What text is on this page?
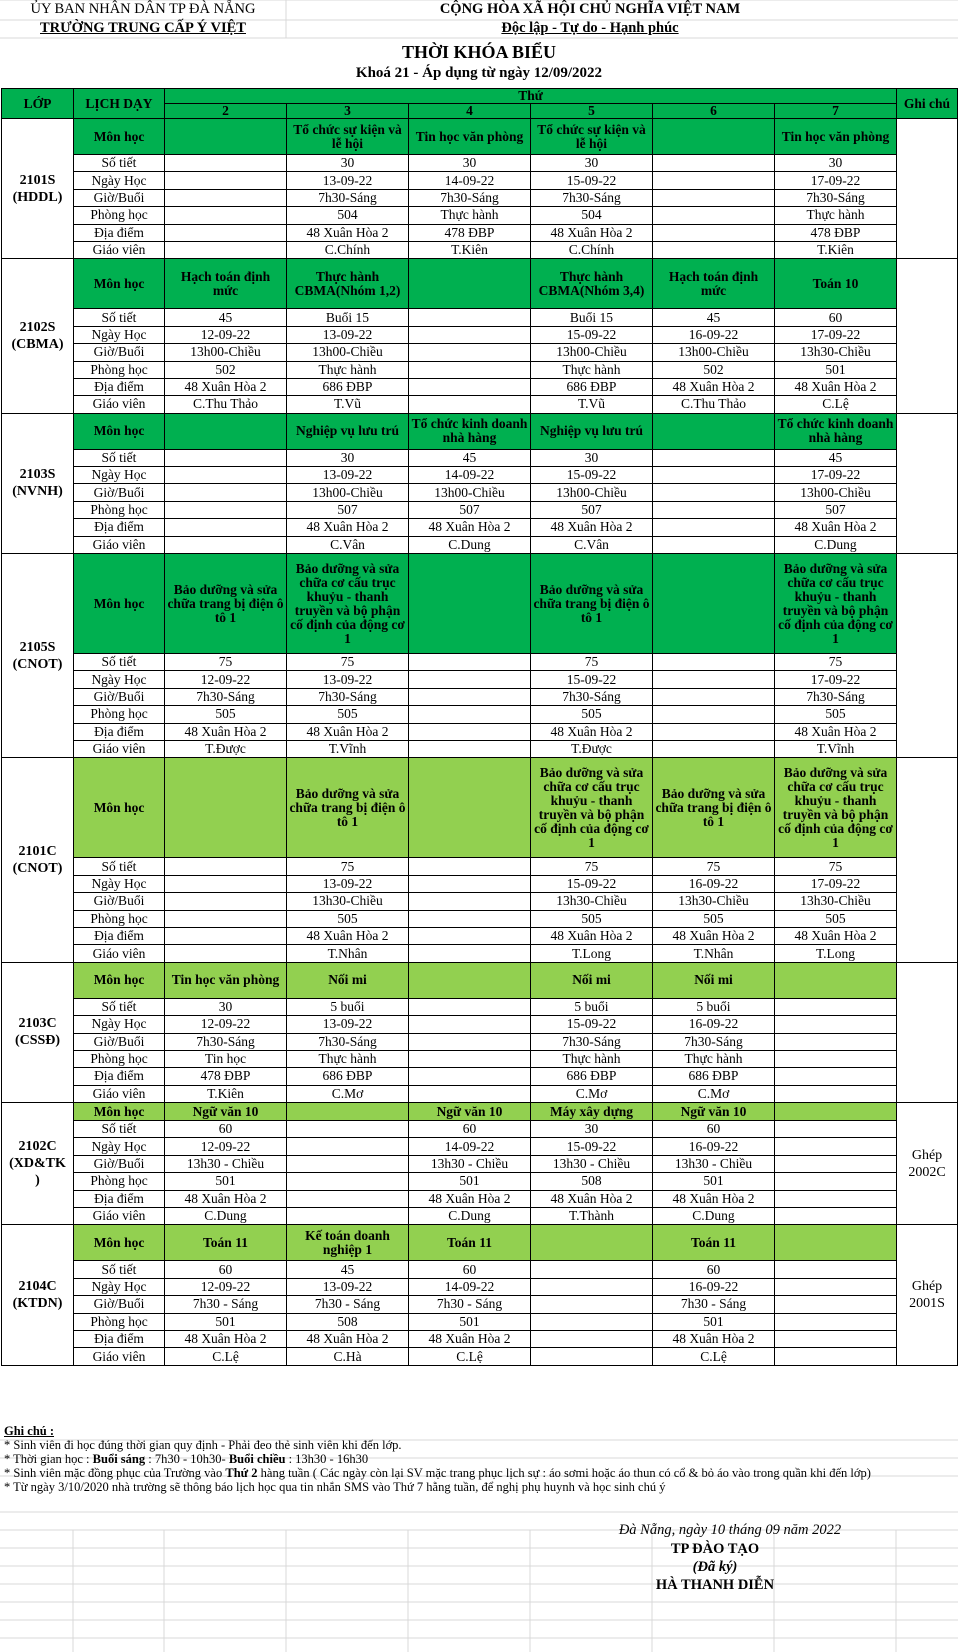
ỦY BAN NHÂN DÂN TP ĐÀ NẴNG
TRƯỜNG TRUNG CẤP Ý VIỆT
CỘNG HÒA XÃ HỘI CHỦ NGHĨA VIỆT NAM
Độc lập - Tự do - Hạnh phúc
THỜI KHÓA BIỂU
Khoá 21 - Áp dụng từ ngày 12/09/2022
LỚP	LỊCH DẠY	Thứ						Ghi chú
		2	3	4	5	6	7	
2101S
(HDDL)	Môn học		Tổ chức sự kiện và lễ hội	Tin học văn phòng	Tổ chức sự kiện và lễ hội		Tin học văn phòng	
	Số tiết		30	30	30		30	
	Ngày Học		13-09-22	14-09-22	15-09-22		17-09-22	
	Giờ/Buổi		7h30-Sáng	7h30-Sáng	7h30-Sáng		7h30-Sáng	
	Phòng học		504	Thực hành	504		Thực hành	
	Địa điểm		48 Xuân Hòa 2	478 ĐBP	48 Xuân Hòa 2		478 ĐBP	
	Giáo viên		C.Chính	T.Kiên	C.Chính		T.Kiên	
2102S
(CBMA)	Môn học	Hạch toán định mức	Thực hành CBMA(Nhóm 1,2)		Thực hành CBMA(Nhóm 3,4)	Hạch toán định mức	Toán 10	
	Số tiết	45	Buổi 15		Buổi 15	45	60	
	Ngày Học	12-09-22	13-09-22		15-09-22	16-09-22	17-09-22	
	Giờ/Buổi	13h00-Chiều	13h00-Chiều		13h00-Chiều	13h00-Chiều	13h30-Chiều	
	Phòng học	502	Thực hành		Thực hành	502	501	
	Địa điểm	48 Xuân Hòa 2	686 ĐBP		686 ĐBP	48 Xuân Hòa 2	48 Xuân Hòa 2	
	Giáo viên	C.Thu Thảo	T.Vũ		T.Vũ	C.Thu Thảo	C.Lệ	
2103S
(NVNH)	Môn học		Nghiệp vụ lưu trú	Tổ chức kinh doanh nhà hàng	Nghiệp vụ lưu trú		Tổ chức kinh doanh nhà hàng	
	Số tiết		30	45	30		45	
	Ngày Học		13-09-22	14-09-22	15-09-22		17-09-22	
	Giờ/Buổi		13h00-Chiều	13h00-Chiều	13h00-Chiều		13h00-Chiều	
	Phòng học		507	507	507		507	
	Địa điểm		48 Xuân Hòa 2	48 Xuân Hòa 2	48 Xuân Hòa 2		48 Xuân Hòa 2	
	Giáo viên		C.Vân	C.Dung	C.Vân		C.Dung	
2105S
(CNOT)	Môn học	Bảo dưỡng và sửa chữa trang bị điện ô tô 1	Bảo dưỡng và sửa chữa cơ cấu trục khuỷu - thanh truyền và bộ phận cố định của động cơ 1		Bảo dưỡng và sửa chữa trang bị điện ô tô 1		Bảo dưỡng và sửa chữa cơ cấu trục khuỷu - thanh truyền và bộ phận cố định của động cơ 1	
	Số tiết	75	75		75		75	
	Ngày Học	12-09-22	13-09-22		15-09-22		17-09-22	
	Giờ/Buổi	7h30-Sáng	7h30-Sáng		7h30-Sáng		7h30-Sáng	
	Phòng học	505	505		505		505	
	Địa điểm	48 Xuân Hòa 2	48 Xuân Hòa 2		48 Xuân Hòa 2		48 Xuân Hòa 2	
	Giáo viên	T.Được	T.Vĩnh		T.Được		T.Vĩnh	
2101C
(CNOT)	Môn học		Bảo dưỡng và sửa chữa trang bị điện ô tô 1		Bảo dưỡng và sửa chữa cơ cấu trục khuỷu - thanh truyền và bộ phận cố định của động cơ 1	Bảo dưỡng và sửa chữa trang bị điện ô tô 1	Bảo dưỡng và sửa chữa cơ cấu trục khuỷu - thanh truyền và bộ phận cố định của động cơ 1	
	Số tiết		75		75	75	75	
	Ngày Học		13-09-22		15-09-22	16-09-22	17-09-22	
	Giờ/Buổi		13h30-Chiều		13h30-Chiều	13h30-Chiều	13h30-Chiều	
	Phòng học		505		505	505	505	
	Địa điểm		48 Xuân Hòa 2		48 Xuân Hòa 2	48 Xuân Hòa 2	48 Xuân Hòa 2	
	Giáo viên		T.Nhân		T.Long	T.Nhân	T.Long	
2103C
(CSSĐ)	Môn học	Tin học văn phòng	Nối mi		Nối mi	Nối mi		
	Số tiết	30	5 buổi		5 buổi	5 buổi		
	Ngày Học	12-09-22	13-09-22		15-09-22	16-09-22		
	Giờ/Buổi	7h30-Sáng	7h30-Sáng		7h30-Sáng	7h30-Sáng		
	Phòng học	Tin học	Thực hành		Thực hành	Thực hành		
	Địa điểm	478 ĐBP	686 ĐBP		686 ĐBP	686 ĐBP		
	Giáo viên	T.Kiên	C.Mơ		C.Mơ	C.Mơ		
2102C
(XD&TK
)	Môn học	Ngữ văn 10		Ngữ văn 10	Máy xây dựng	Ngữ văn 10		Ghép 2002C
	Số tiết	60		60	30	60		
	Ngày Học	12-09-22		14-09-22	15-09-22	16-09-22		
	Giờ/Buổi	13h30 - Chiều		13h30 - Chiều	13h30 - Chiều	13h30 - Chiều		
	Phòng học	501		501	508	501		
	Địa điểm	48 Xuân Hòa 2		48 Xuân Hòa 2	48 Xuân Hòa 2	48 Xuân Hòa 2		
	Giáo viên	C.Dung		C.Dung	T.Thành	C.Dung		
2104C
(KTDN)	Môn học	Toán 11	Kế toán doanh nghiệp 1	Toán 11		Toán 11		Ghép 2001S
	Số tiết	60	45	60		60		
	Ngày Học	12-09-22	13-09-22	14-09-22		16-09-22		
	Giờ/Buổi	7h30 - Sáng	7h30 - Sáng	7h30 - Sáng		7h30 - Sáng		
	Phòng học	501	508	501		501		
	Địa điểm	48 Xuân Hòa 2	48 Xuân Hòa 2	48 Xuân Hòa 2		48 Xuân Hòa 2		
	Giáo viên	C.Lệ	C.Hà	C.Lệ		C.Lệ		
Ghi chú :
* Sinh viên đi học đúng thời gian quy định - Phải đeo thẻ sinh viên khi đến lớp.
* Thời gian học : Buổi sáng : 7h30 - 10h30- Buổi chiều : 13h30 - 16h30
* Sinh viên mặc đồng phục của Trường vào Thứ 2 hàng tuần ( Các ngày còn lại SV mặc trang phục lịch sự : áo sơmi hoặc áo thun có cổ & bỏ áo vào trong quần khi đến lớp)
* Từ ngày 3/10/2020 nhà trường sẽ thông báo lịch học qua tin nhắn SMS vào Thứ 7 hằng tuần, để nghị phụ huynh và học sinh chú ý
Đà Nẵng, ngày 10 tháng 09 năm 2022
TP ĐÀO TẠO
(Đã ký)
HÀ THANH DIỄN
